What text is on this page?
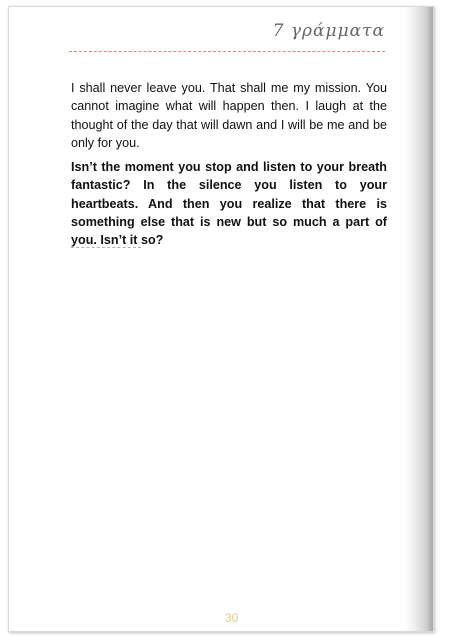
7 γράμματα

I shall never leave you. That shall me my mission. You cannot imagine what will happen then. I laugh at the thought of the day that will dawn and I will be me and be only for you.

Isn’t the moment you stop and listen to your breath fantastic? In the silence you listen to your heartbeats. And then you realize that there is something else that is new but so much a part of you. Isn’t it so?

30
